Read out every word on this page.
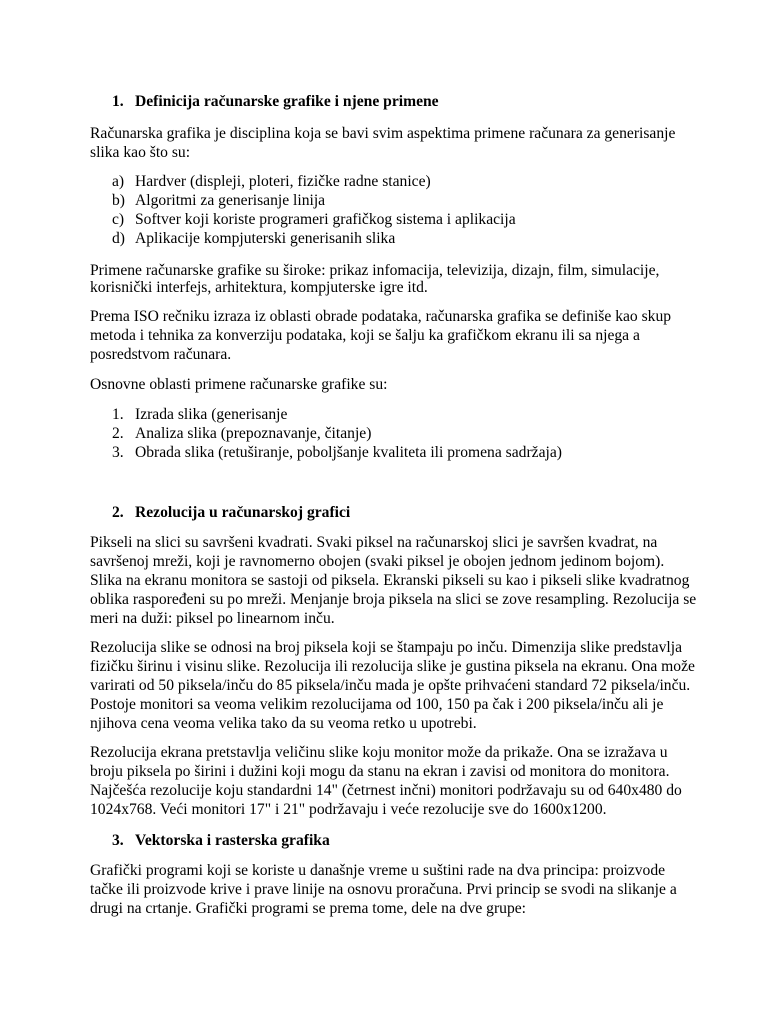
1. Definicija računarske grafike i njene primene
Računarska grafika je disciplina koja se bavi svim aspektima primene računara za generisanje
slika kao što su:
a) Hardver (displeji, ploteri, fizičke radne stanice)
b) Algoritmi za generisanje linija
c) Softver koji koriste programeri grafičkog sistema i aplikacija
d) Aplikacije kompjuterski generisanih slika
Primene računarske grafike su široke: prikaz infomacija, televizija, dizajn, film, simulacije,
korisnički interfejs, arhitektura, kompjuterske igre itd.
Prema ISO rečniku izraza iz oblasti obrade podataka, računarska grafika se definiše kao skup
metoda i tehnika za konverziju podataka, koji se šalju ka grafičkom ekranu ili sa njega a
posredstvom računara.
Osnovne oblasti primene računarske grafike su:
1. Izrada slika (generisanje
2. Analiza slika (prepoznavanje, čitanje)
3. Obrada slika (retuširanje, poboljšanje kvaliteta ili promena sadržaja)
2. Rezolucija u računarskoj grafici
Pikseli na slici su savršeni kvadrati. Svaki piksel na računarskoj slici je savršen kvadrat, na
savršenoj mreži, koji je ravnomerno obojen (svaki piksel je obojen jednom jedinom bojom).
Slika na ekranu monitora se sastoji od piksela. Ekranski pikseli su kao i pikseli slike kvadratnog
oblika raspoređeni su po mreži. Menjanje broja piksela na slici se zove resampling. Rezolucija se
meri na duži: piksel po linearnom inču.
Rezolucija slike se odnosi na broj piksela koji se štampaju po inču. Dimenzija slike predstavlja
fizičku širinu i visinu slike. Rezolucija ili rezolucija slike je gustina piksela na ekranu. Ona može
varirati od 50 piksela/inču do 85 piksela/inču mada je opšte prihvaćeni standard 72 piksela/inču.
Postoje monitori sa veoma velikim rezolucijama od 100, 150 pa čak i 200 piksela/inču ali je
njihova cena veoma velika tako da su veoma retko u upotrebi.
Rezolucija ekrana pretstavlja veličinu slike koju monitor može da prikaže. Ona se izražava u
broju piksela po širini i dužini koji mogu da stanu na ekran i zavisi od monitora do monitora.
Najčešća rezolucije koju standardni 14" (četrnest inčni) monitori podržavaju su od 640x480 do
1024x768. Veći monitori 17" i 21" podržavaju i veće rezolucije sve do 1600x1200.
3. Vektorska i rasterska grafika
Grafički programi koji se koriste u današnje vreme u suštini rade na dva principa: proizvode
tačke ili proizvode krive i prave linije na osnovu proračuna. Prvi princip se svodi na slikanje a
drugi na crtanje. Grafički programi se prema tome, dele na dve grupe:
